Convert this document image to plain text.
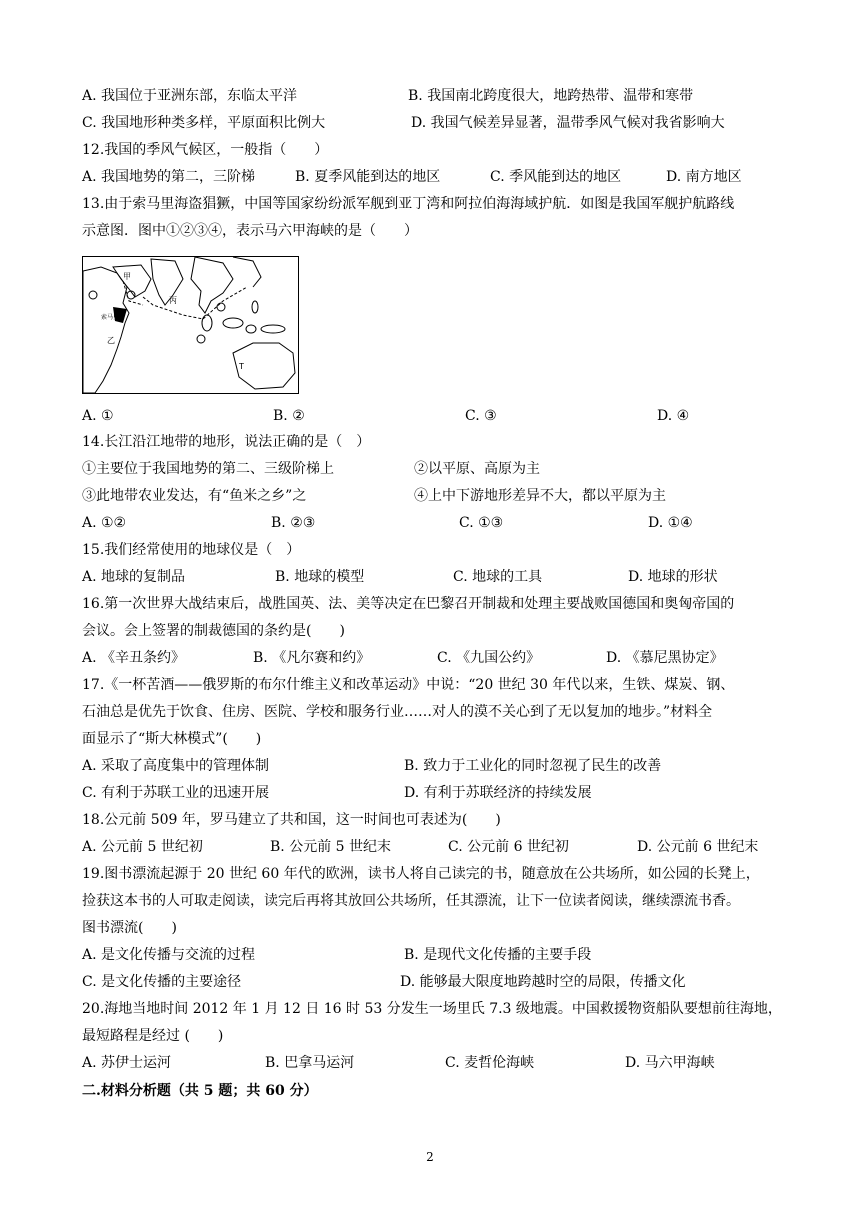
A. 我国位于亚洲东部，东临太平洋	B. 我国南北跨度很大，地跨热带、温带和寒带
C. 我国地形种类多样，平原面积比例大	D. 我国气候差异显著，温带季风气候对我省影响大
12.我国的季风气候区，一般指（　　）
A. 我国地势的第二，三阶梯	B. 夏季风能到达的地区	C. 季风能到达的地区	D. 南方地区
13.由于索马里海盗猖獗，中国等国家纷纷派军舰到亚丁湾和阿拉伯海海域护航．如图是我国军舰护航路线
示意图．图中①②③④，表示马六甲海峡的是（　　）
甲
乙
丙
索马里
T
A. ①	B. ②	C. ③	D. ④
14.长江沿江地带的地形，说法正确的是（　）
①主要位于我国地势的第二、三级阶梯上	②以平原、高原为主
③此地带农业发达，有“鱼米之乡”之	④上中下游地形差异不大，都以平原为主
A. ①②	B. ②③	C. ①③	D. ①④
15.我们经常使用的地球仪是（　）
A. 地球的复制品	B. 地球的模型	C. 地球的工具	D. 地球的形状
16.第一次世界大战结束后，战胜国英、法、美等决定在巴黎召开制裁和处理主要战败国德国和奥匈帝国的
会议。会上签署的制裁德国的条约是(　　)
A. 《辛丑条约》	B. 《凡尔赛和约》	C. 《九国公约》	D. 《慕尼黑协定》
17.《一杯苦酒——俄罗斯的布尔什维主义和改革运动》中说：“20 世纪 30 年代以来，生铁、煤炭、钢、
石油总是优先于饮食、住房、医院、学校和服务行业……对人的漠不关心到了无以复加的地步。”材料全
面显示了“斯大林模式”(　　)
A. 采取了高度集中的管理体制	B. 致力于工业化的同时忽视了民生的改善
C. 有利于苏联工业的迅速开展	D. 有利于苏联经济的持续发展
18.公元前 509 年，罗马建立了共和国，这一时间也可表述为(　　)
A. 公元前 5 世纪初	B. 公元前 5 世纪末	C. 公元前 6 世纪初	D. 公元前 6 世纪末
19.图书漂流起源于 20 世纪 60 年代的欧洲，读书人将自己读完的书，随意放在公共场所，如公园的长凳上，
捡获这本书的人可取走阅读，读完后再将其放回公共场所，任其漂流，让下一位读者阅读，继续漂流书香。
图书漂流(　　)
A. 是文化传播与交流的过程	B. 是现代文化传播的主要手段
C. 是文化传播的主要途径	D. 能够最大限度地跨越时空的局限，传播文化
20.海地当地时间 2012 年 1 月 12 日 16 时 53 分发生一场里氏 7.3 级地震。中国救援物资船队要想前往海地，
最短路程是经过 (　　)
A. 苏伊士运河	B. 巴拿马运河	C. 麦哲伦海峡	D. 马六甲海峡
二.材料分析题（共 5 题；共 60 分）
2
